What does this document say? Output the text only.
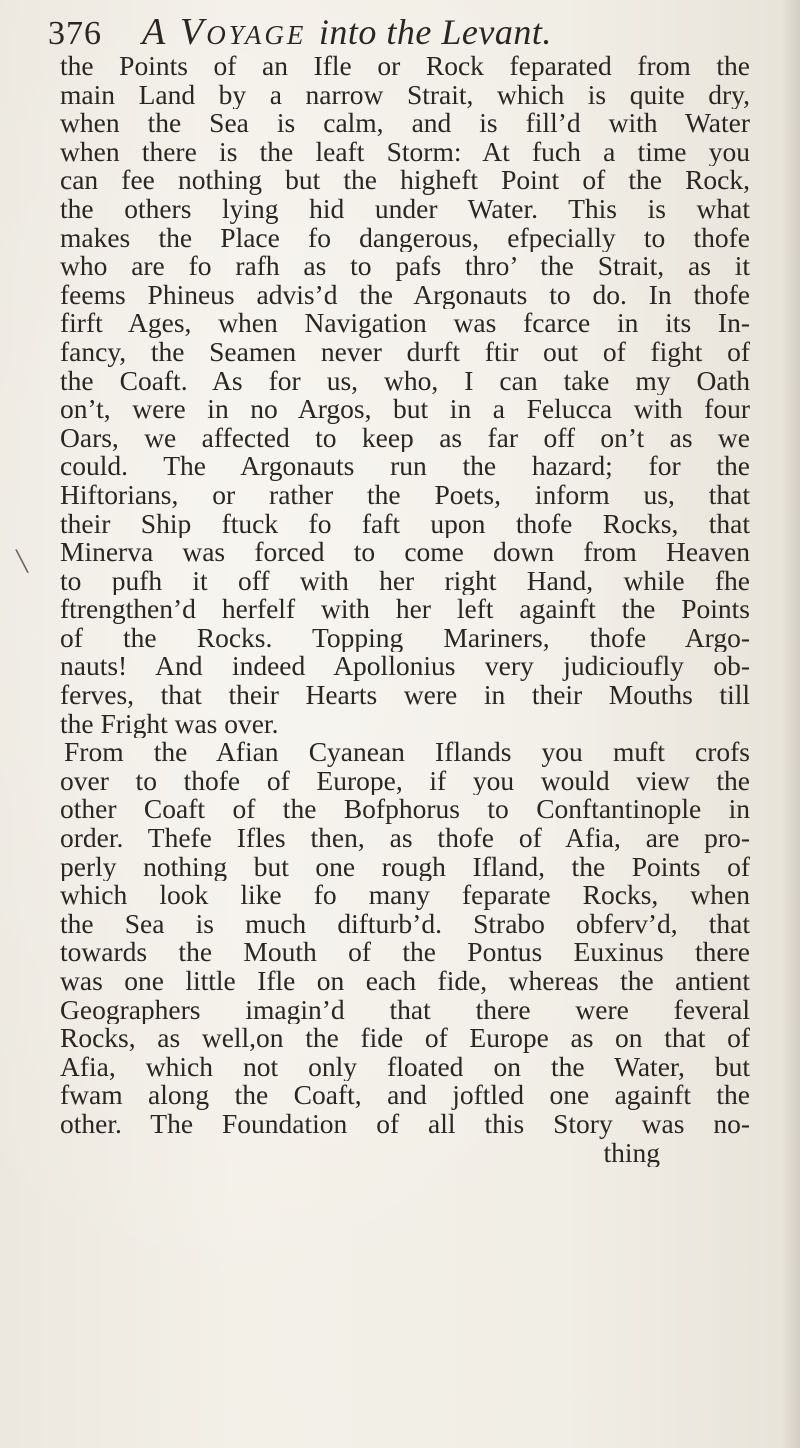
376 A Voyage into the Levant.
╲
the Points of an Ifle or Rock feparated from the
main Land by a narrow Strait, which is quite dry,
when the Sea is calm, and is fill’d with Water
when there is the leaft Storm: At fuch a time you
can fee nothing but the higheft Point of the Rock,
the others lying hid under Water. This is what
makes the Place fo dangerous, efpecially to thofe
who are fo rafh as to pafs thro’ the Strait, as it
feems Phineus advis’d the Argonauts to do. In thofe
firft Ages, when Navigation was fcarce in its In-
fancy, the Seamen never durft ftir out of fight of
the Coaft. As for us, who, I can take my Oath
on’t, were in no Argos, but in a Felucca with four
Oars, we affected to keep as far off on’t as we
could. The Argonauts run the hazard; for the
Hiftorians, or rather the Poets, inform us, that
their Ship ftuck fo faft upon thofe Rocks, that
Minerva was forced to come down from Heaven
to pufh it off with her right Hand, while fhe
ftrengthen’d herfelf with her left againft the Points
of the Rocks. Topping Mariners, thofe Argo-
nauts! And indeed Apollonius very judicioufly ob-
ferves, that their Hearts were in their Mouths till
the Fright was over.
From the Afian Cyanean Iflands you muft crofs
over to thofe of Europe, if you would view the
other Coaft of the Bofphorus to Conftantinople in
order. Thefe Ifles then, as thofe of Afia, are pro-
perly nothing but one rough Ifland, the Points of
which look like fo many feparate Rocks, when
the Sea is much difturb’d. Strabo obferv’d, that
towards the Mouth of the Pontus Euxinus there
was one little Ifle on each fide, whereas the antient
Geographers imagin’d that there were feveral
Rocks, as well,on the fide of Europe as on that of
Afia, which not only floated on the Water, but
fwam along the Coaft, and joftled one againft the
other. The Foundation of all this Story was no-
thing
